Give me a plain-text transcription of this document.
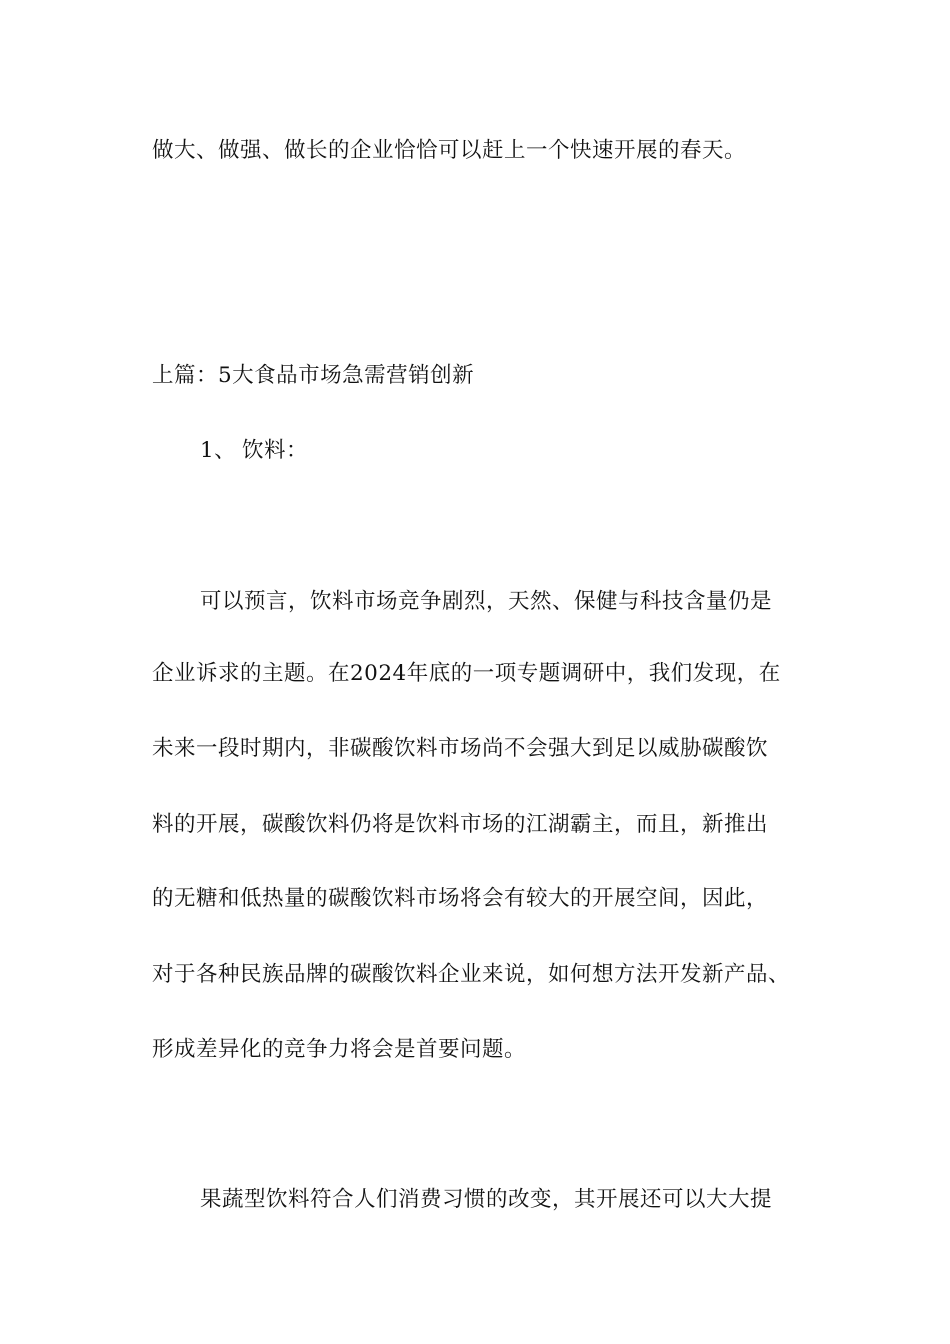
做大、做强、做长的企业恰恰可以赶上一个快速开展的春天。
上篇：5大食品市场急需营销创新
1、 饮料：
可以预言，饮料市场竞争剧烈，天然、保健与科技含量仍是
企业诉求的主题。在2024年底的一项专题调研中，我们发现，在
未来一段时期内，非碳酸饮料市场尚不会强大到足以威胁碳酸饮
料的开展，碳酸饮料仍将是饮料市场的江湖霸主，而且，新推出
的无糖和低热量的碳酸饮料市场将会有较大的开展空间，因此，
对于各种民族品牌的碳酸饮料企业来说，如何想方法开发新产品、
形成差异化的竞争力将会是首要问题。
果蔬型饮料符合人们消费习惯的改变，其开展还可以大大提
